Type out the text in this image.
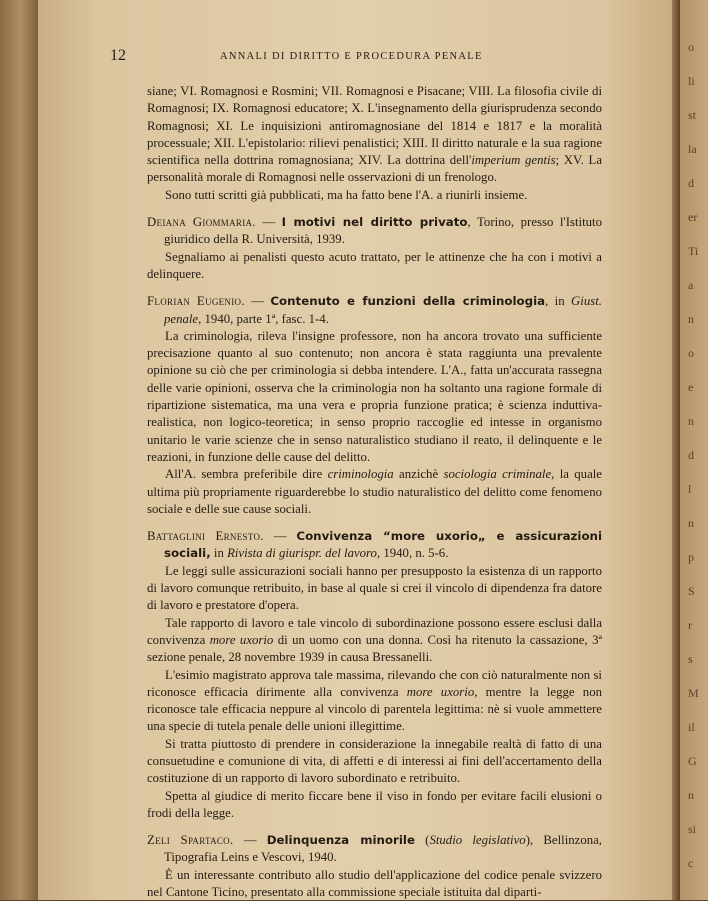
12	ANNALI DI DIRITTO E PROCEDURA PENALE

siane; VI. Romagnosi e Rosmini; VII. Romagnosi e Pisacane; VIII. La filosofia civile di Romagnosi; IX. Romagnosi educatore; X. L'insegnamento della giurisprudenza secondo Romagnosi; XI. Le inquisizioni antiromagnosiane del 1814 e 1817 e la moralità processuale; XII. L'epistolario: rilievi penalistici; XIII. Il diritto naturale e la sua ragione scientifica nella dottrina romagnosiana; XIV. La dottrina dell'imperium gentis; XV. La personalità morale di Romagnosi nelle osservazioni di un frenologo.

Sono tutti scritti già pubblicati, ma ha fatto bene l'A. a riunirli insieme.

Deiana Giommaria. — I motivi nel diritto privato, Torino, presso l'Istituto giuridico della R. Università, 1939.

Segnaliamo ai penalisti questo acuto trattato, per le attinenze che ha con i motivi a delinquere.

Florian Eugenio. — Contenuto e funzioni della criminologia, in Giust. penale, 1940, parte 1ª, fasc. 1-4.

La criminologia, rileva l'insigne professore, non ha ancora trovato una sufficiente precisazione quanto al suo contenuto; non ancora è stata raggiunta una prevalente opinione su ciò che per criminologia si debba intendere. L'A., fatta un'accurata rassegna delle varie opinioni, osserva che la criminologia non ha soltanto una ragione formale di ripartizione sistematica, ma una vera e propria funzione pratica; è scienza induttiva-realistica, non logico-teoretica; in senso proprio raccoglie ed intesse in organismo unitario le varie scienze che in senso naturalistico studiano il reato, il delinquente e le reazioni, in funzione delle cause del delitto.

All'A. sembra preferibile dire criminologia anzichè sociologia criminale, la quale ultima più propriamente riguarderebbe lo studio naturalistico del delitto come fenomeno sociale e delle sue cause sociali.

Battaglini Ernesto. — Convivenza “more uxorio„ e assicurazioni sociali, in Rivista di giurispr. del lavoro, 1940, n. 5-6.

Le leggi sulle assicurazioni sociali hanno per presupposto la esistenza di un rapporto di lavoro comunque retribuito, in base al quale si crei il vincolo di dipendenza fra datore di lavoro e prestatore d'opera.

Tale rapporto di lavoro e tale vincolo di subordinazione possono essere esclusi dalla convivenza more uxorio di un uomo con una donna. Così ha ritenuto la cassazione, 3ª sezione penale, 28 novembre 1939 in causa Bressanelli.

L'esimio magistrato approva tale massima, rilevando che con ciò naturalmente non si riconosce efficacia dirimente alla convivenza more uxorio, mentre la legge non riconosce tale efficacia neppure al vincolo di parentela legittima: nè si vuole ammettere una specie di tutela penale delle unioni illegittime.

Si tratta piuttosto di prendere in considerazione la innegabile realtà di fatto di una consuetudine e comunione di vita, di affetti e di interessi ai fini dell'accertamento della costituzione di un rapporto di lavoro subordinato e retribuito.

Spetta al giudice di merito ficcare bene il viso in fondo per evitare facili elusioni o frodi della legge.

Zeli Spartaco. — Delinquenza minorile (Studio legislativo), Bellinzona, Tipografia Leins e Vescovi, 1940.

È un interessante contributo allo studio dell'applicazione del codice penale svizzero nel Cantone Ticino, presentato alla commissione speciale istituita dal diparti-

o
li
st
la
d
er
Ti
a
n
o
e
n
d
l
n
p
S
r
s
M
il
G
n
si
c
